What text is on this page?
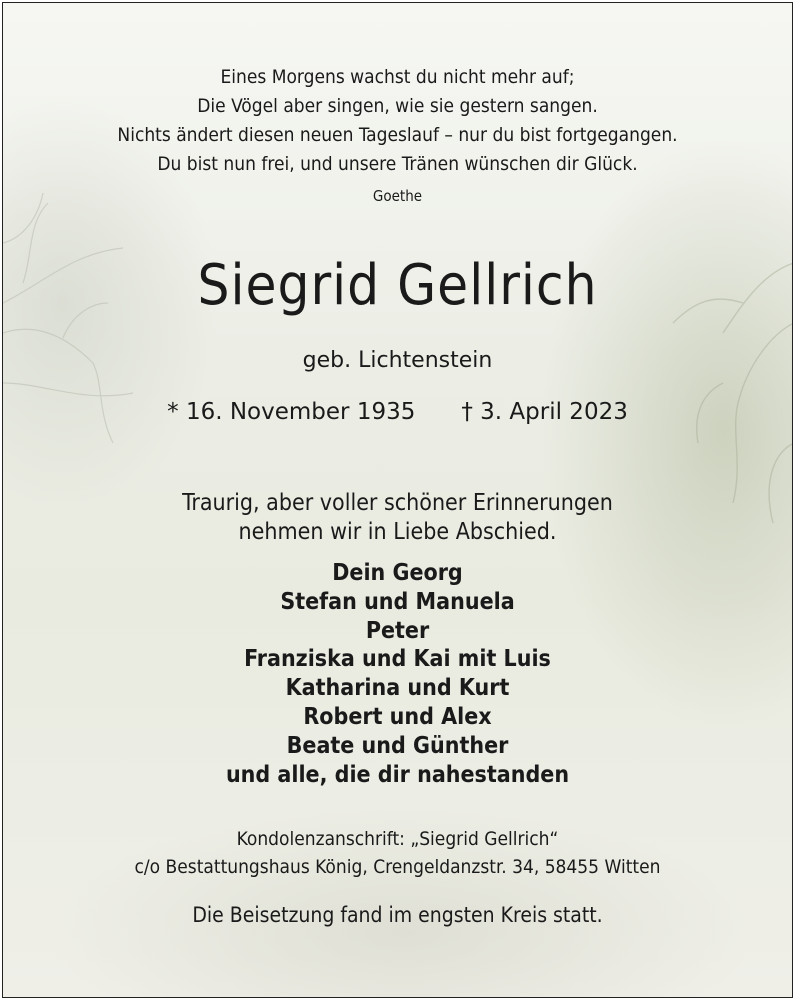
Eines Morgens wachst du nicht mehr auf;
Die Vögel aber singen, wie sie gestern sangen.
Nichts ändert diesen neuen Tageslauf – nur du bist fortgegangen.
Du bist nun frei, und unsere Tränen wünschen dir Glück.
Goethe
Siegrid Gellrich
geb. Lichtenstein
* 16. November 1935 † 3. April 2023
Traurig, aber voller schöner Erinnerungen
nehmen wir in Liebe Abschied.
Dein Georg
Stefan und Manuela
Peter
Franziska und Kai mit Luis
Katharina und Kurt
Robert und Alex
Beate und Günther
und alle, die dir nahestanden
Kondolenzanschrift: „Siegrid Gellrich“
c/o Bestattungshaus König, Crengeldanzstr. 34, 58455 Witten
Die Beisetzung fand im engsten Kreis statt.
